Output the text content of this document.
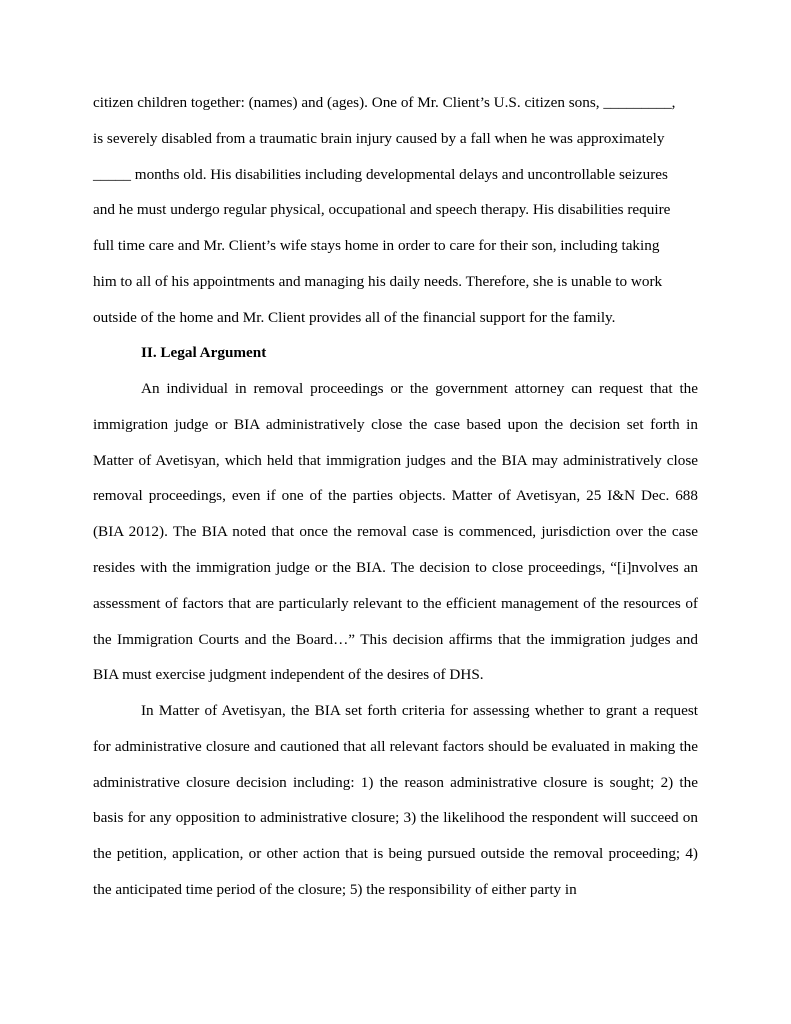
citizen children together: (names) and (ages). One of Mr. Client’s U.S. citizen sons, _________,
is severely disabled from a traumatic brain injury caused by a fall when he was approximately
_____ months old. His disabilities including developmental delays and uncontrollable seizures
and he must undergo regular physical, occupational and speech therapy. His disabilities require
full time care and Mr. Client’s wife stays home in order to care for their son, including taking
him to all of his appointments and managing his daily needs. Therefore, she is unable to work
outside of the home and Mr. Client provides all of the financial support for the family.
II. Legal Argument

An individual in removal proceedings or the government attorney can request that the immigration judge or BIA administratively close the case based upon the decision set forth in Matter of Avetisyan, which held that immigration judges and the BIA may administratively close removal proceedings, even if one of the parties objects. Matter of Avetisyan, 25 I&N Dec. 688 (BIA 2012). The BIA noted that once the removal case is commenced, jurisdiction over the case resides with the immigration judge or the BIA. The decision to close proceedings, “[i]nvolves an assessment of factors that are particularly relevant to the efficient management of the resources of the Immigration Courts and the Board…” This decision affirms that the immigration judges and BIA must exercise judgment independent of the desires of DHS.

In Matter of Avetisyan, the BIA set forth criteria for assessing whether to grant a request for administrative closure and cautioned that all relevant factors should be evaluated in making the administrative closure decision including: 1) the reason administrative closure is sought; 2) the basis for any opposition to administrative closure; 3) the likelihood the respondent will succeed on the petition, application, or other action that is being pursued outside the removal proceeding; 4) the anticipated time period of the closure; 5) the responsibility of either party in
